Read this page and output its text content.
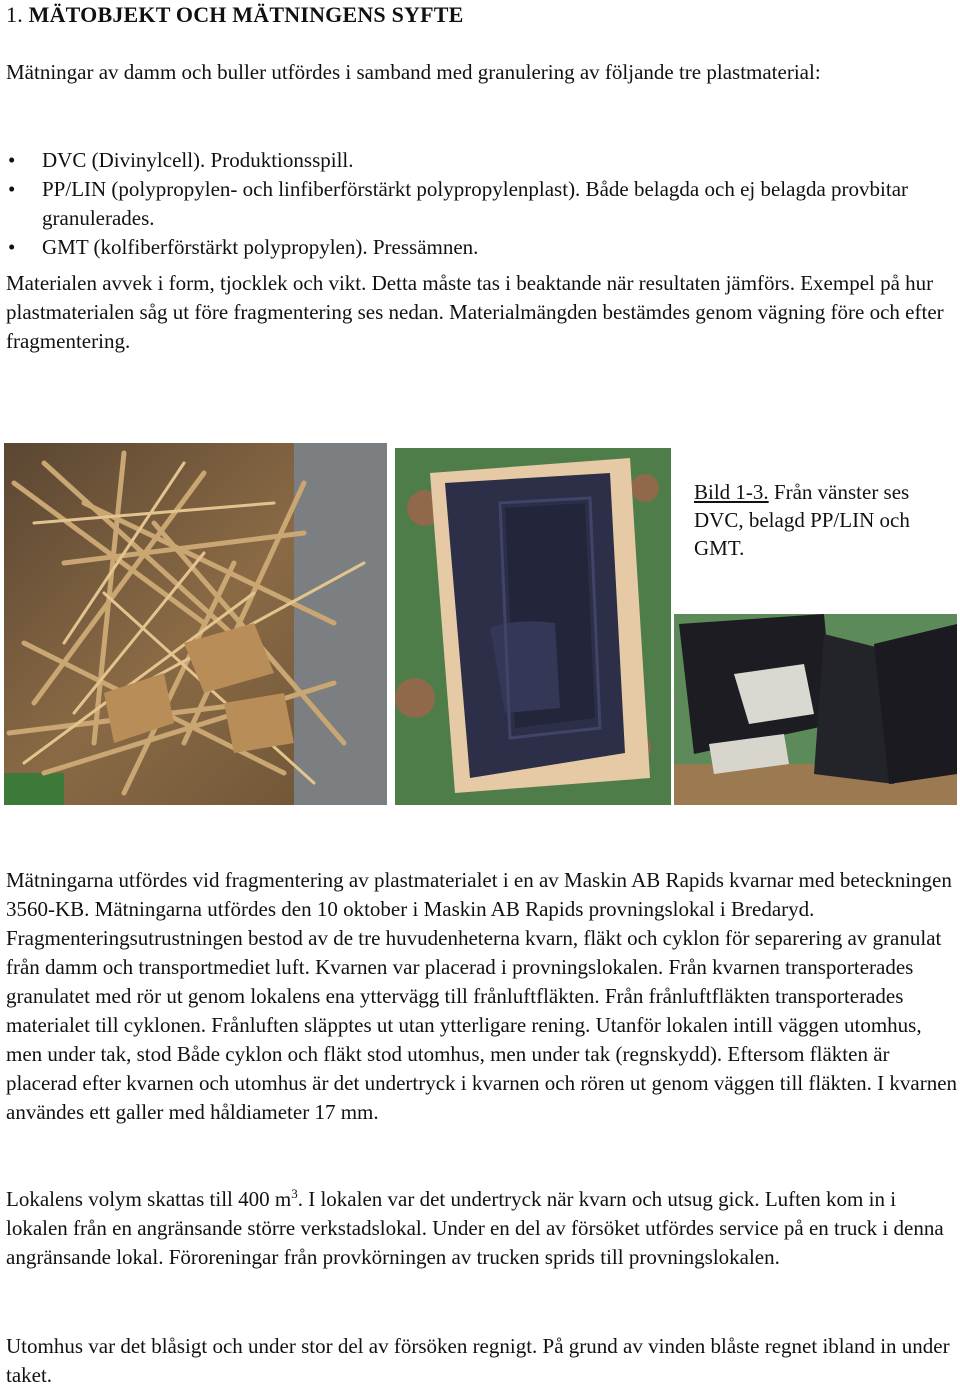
1. MÄTOBJEKT OCH MÄTNINGENS SYFTE
Mätningar av damm och buller utfördes i samband med granulering av följande tre plastmaterial:
• DVC (Divinylcell). Produktionsspill.
• PP/LIN (polypropylen- och linfiberförstärkt polypropylenplast). Både belagda och ej belagda provbitar granulerades.
• GMT (kolfiberförstärkt polypropylen). Pressämnen.
Materialen avvek i form, tjocklek och vikt. Detta måste tas i beaktande när resultaten jämförs. Exempel på hur plastmaterialen såg ut före fragmentering ses nedan. Materialmängden bestämdes genom vägning före och efter fragmentering.
Bild 1-3. Från vänster ses DVC, belagd PP/LIN och GMT.
Mätningarna utfördes vid fragmentering av plastmaterialet i en av Maskin AB Rapids kvarnar med beteckningen 3560-KB. Mätningarna utfördes den 10 oktober i Maskin AB Rapids provningslokal i Bredaryd. Fragmenteringsutrustningen bestod av de tre huvudenheterna kvarn, fläkt och cyklon för separering av granulat från damm och transportmediet luft. Kvarnen var placerad i provningslokalen. Från kvarnen transporterades granulatet med rör ut genom lokalens ena yttervägg till frånluftfläkten. Från frånluftfläkten transporterades materialet till cyklonen. Frånluften släpptes ut utan ytterligare rening. Utanför lokalen intill väggen utomhus, men under tak, stod Både cyklon och fläkt stod utomhus, men under tak (regnskydd). Eftersom fläkten är placerad efter kvarnen och utomhus är det undertryck i kvarnen och rören ut genom väggen till fläkten. I kvarnen användes ett galler med håldiameter 17 mm.
Lokalens volym skattas till 400 $m^3$. I lokalen var det undertryck när kvarn och utsug gick. Luften kom in i lokalen från en angränsande större verkstadslokal. Under en del av försöket utfördes service på en truck i denna angränsande lokal. Föroreningar från provkörningen av trucken sprids till provningslokalen.
Utomhus var det blåsigt och under stor del av försöken regnigt. På grund av vinden blåste regnet ibland in under taket.
